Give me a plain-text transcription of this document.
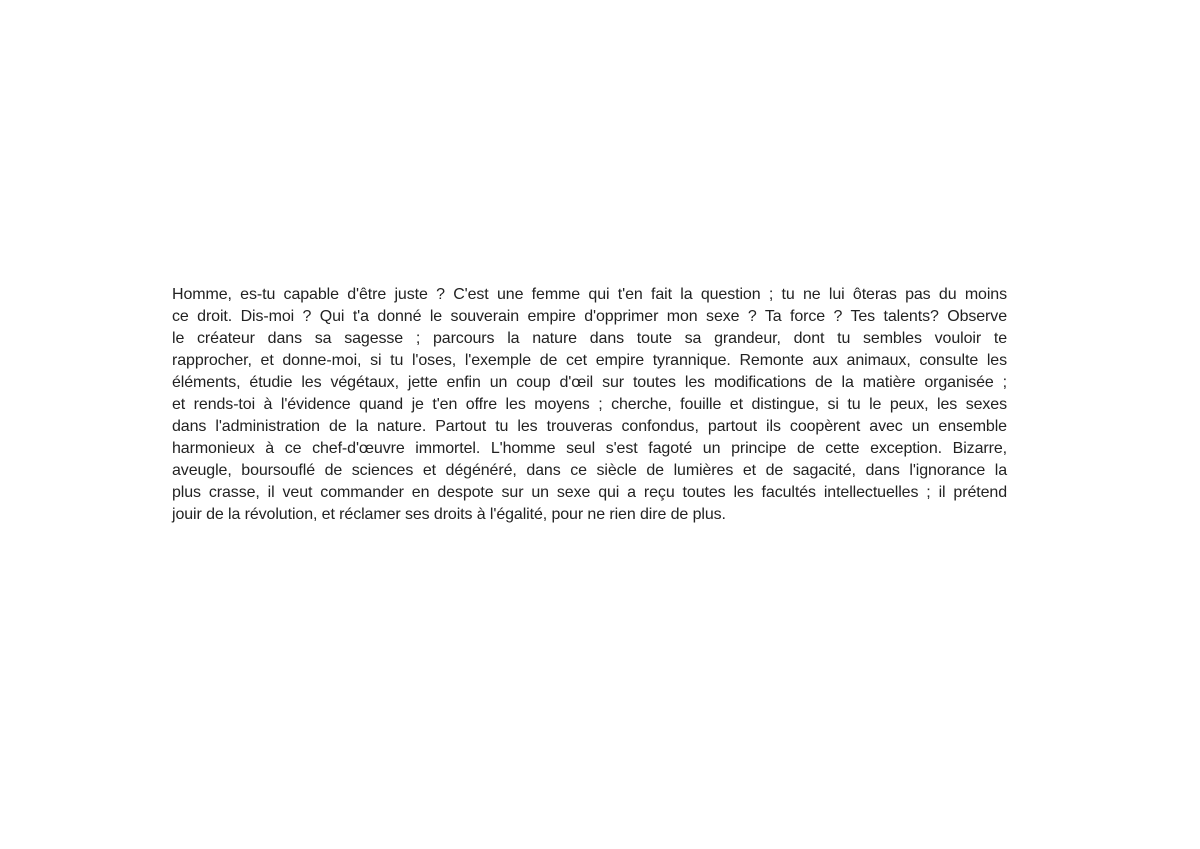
Homme, es-tu capable d'être juste ? C'est une femme qui t'en fait la question ; tu ne lui ôteras pas du moins
ce droit. Dis-moi ? Qui t'a donné le souverain empire d'opprimer mon sexe ? Ta force ? Tes talents? Observe
le créateur dans sa sagesse ; parcours la nature dans toute sa grandeur, dont tu sembles vouloir te
rapprocher, et donne-moi, si tu l'oses, l'exemple de cet empire tyrannique. Remonte aux animaux, consulte les
éléments, étudie les végétaux, jette enfin un coup d'œil sur toutes les modifications de la matière organisée ;
et rends-toi à l'évidence quand je t'en offre les moyens ; cherche, fouille et distingue, si tu le peux, les sexes
dans l'administration de la nature. Partout tu les trouveras confondus, partout ils coopèrent avec un ensemble
harmonieux à ce chef-d'œuvre immortel. L'homme seul s'est fagoté un principe de cette exception. Bizarre,
aveugle, boursouflé de sciences et dégénéré, dans ce siècle de lumières et de sagacité, dans l'ignorance la
plus crasse, il veut commander en despote sur un sexe qui a reçu toutes les facultés intellectuelles ; il prétend
jouir de la révolution, et réclamer ses droits à l'égalité, pour ne rien dire de plus.
